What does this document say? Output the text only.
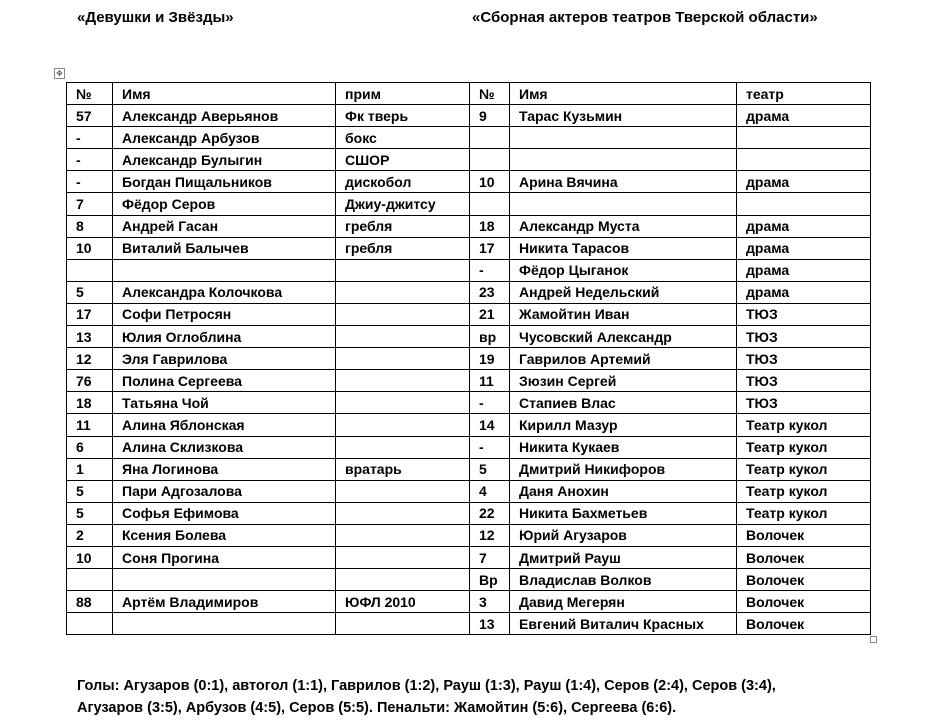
«Девушки и Звёзды»	«Сборная актеров театров Тверской области»
✥
№	Имя	прим	№	Имя	театр
57	Александр Аверьянов	Фк тверь	9	Тарас Кузьмин	драма
-	Александр Арбузов	бокс			
-	Александр Булыгин	СШОР			
-	Богдан Пищальников	дискобол	10	Арина Вячина	драма
7	Фёдор Серов	Джиу-джитсу			
8	Андрей Гасан	гребля	18	Александр Муста	драма
10	Виталий Балычев	гребля	17	Никита Тарасов	драма
			-	Фёдор Цыганок	драма
5	Александра Колочкова		23	Андрей Недельский	драма
17	Софи Петросян		21	Жамойтин Иван	ТЮЗ
13	Юлия Оглоблина		вр	Чусовский Александр	ТЮЗ
12	Эля Гаврилова		19	Гаврилов Артемий	ТЮЗ
76	Полина Сергеева		11	Зюзин Сергей	ТЮЗ
18	Татьяна Чой		-	Стапиев Влас	ТЮЗ
11	Алина Яблонская		14	Кирилл Мазур	Театр кукол
6	Алина Склизкова		-	Никита Кукаев	Театр кукол
1	Яна Логинова	вратарь	5	Дмитрий Никифоров	Театр кукол
5	Пари Адгозалова		4	Даня Анохин	Театр кукол
5	Софья Ефимова		22	Никита Бахметьев	Театр кукол
2	Ксения Болева		12	Юрий Агузаров	Волочек
10	Соня Прогина		7	Дмитрий Рауш	Волочек
			Вр	Владислав Волков	Волочек
88	Артём Владимиров	ЮФЛ 2010	3	Давид Мегерян	Волочек
			13	Евгений Виталич Красных	Волочек
Голы: Агузаров (0:1), автогол (1:1), Гаврилов (1:2), Рауш (1:3), Рауш (1:4), Серов (2:4), Серов (3:4),
Агузаров (3:5), Арбузов (4:5), Серов (5:5). Пенальти: Жамойтин (5:6), Сергеева (6:6).
